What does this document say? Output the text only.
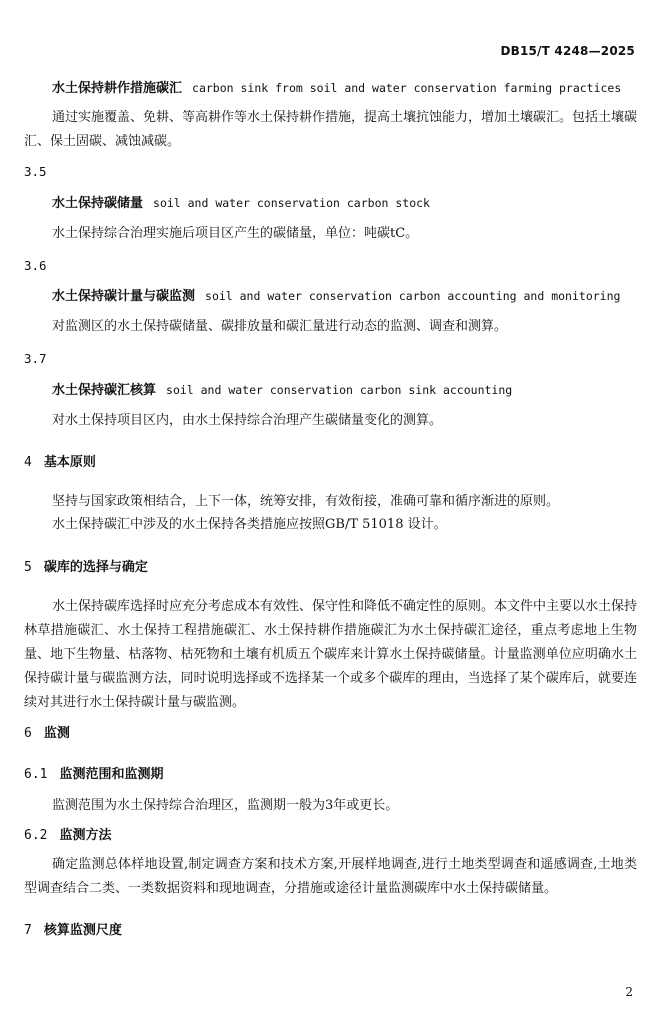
DB15/T 4248—2025
水土保持耕作措施碳汇 carbon sink from soil and water conservation farming practices
通过实施覆盖、免耕、等高耕作等水土保持耕作措施，提高土壤抗蚀能力，增加土壤碳汇。包括土壤碳汇、保土固碳、减蚀减碳。
3.5
水土保持碳储量 soil and water conservation carbon stock
水土保持综合治理实施后项目区产生的碳储量，单位：吨碳tC。
3.6
水土保持碳计量与碳监测 soil and water conservation carbon accounting and monitoring
对监测区的水土保持碳储量、碳排放量和碳汇量进行动态的监测、调查和测算。
3.7
水土保持碳汇核算 soil and water conservation carbon sink accounting
对水土保持项目区内，由水土保持综合治理产生碳储量变化的测算。
4 基本原则
坚持与国家政策相结合，上下一体，统筹安排，有效衔接，准确可靠和循序渐进的原则。
水土保持碳汇中涉及的水土保持各类措施应按照GB/T 51018 设计。
5 碳库的选择与确定
水土保持碳库选择时应充分考虑成本有效性、保守性和降低不确定性的原则。本文件中主要以水土保持林草措施碳汇、水土保持工程措施碳汇、水土保持耕作措施碳汇为水土保持碳汇途径，重点考虑地上生物量、地下生物量、枯落物、枯死物和土壤有机质五个碳库来计算水土保持碳储量。计量监测单位应明确水土保持碳计量与碳监测方法，同时说明选择或不选择某一个或多个碳库的理由，当选择了某个碳库后，就要连续对其进行水土保持碳计量与碳监测。
6 监测
6.1 监测范围和监测期
监测范围为水土保持综合治理区，监测期一般为3年或更长。
6.2 监测方法
确定监测总体样地设置,制定调查方案和技术方案,开展样地调查,进行土地类型调查和遥感调查,土地类型调查结合二类、一类数据资料和现地调查，分措施或途径计量监测碳库中水土保持碳储量。
7 核算监测尺度
2
